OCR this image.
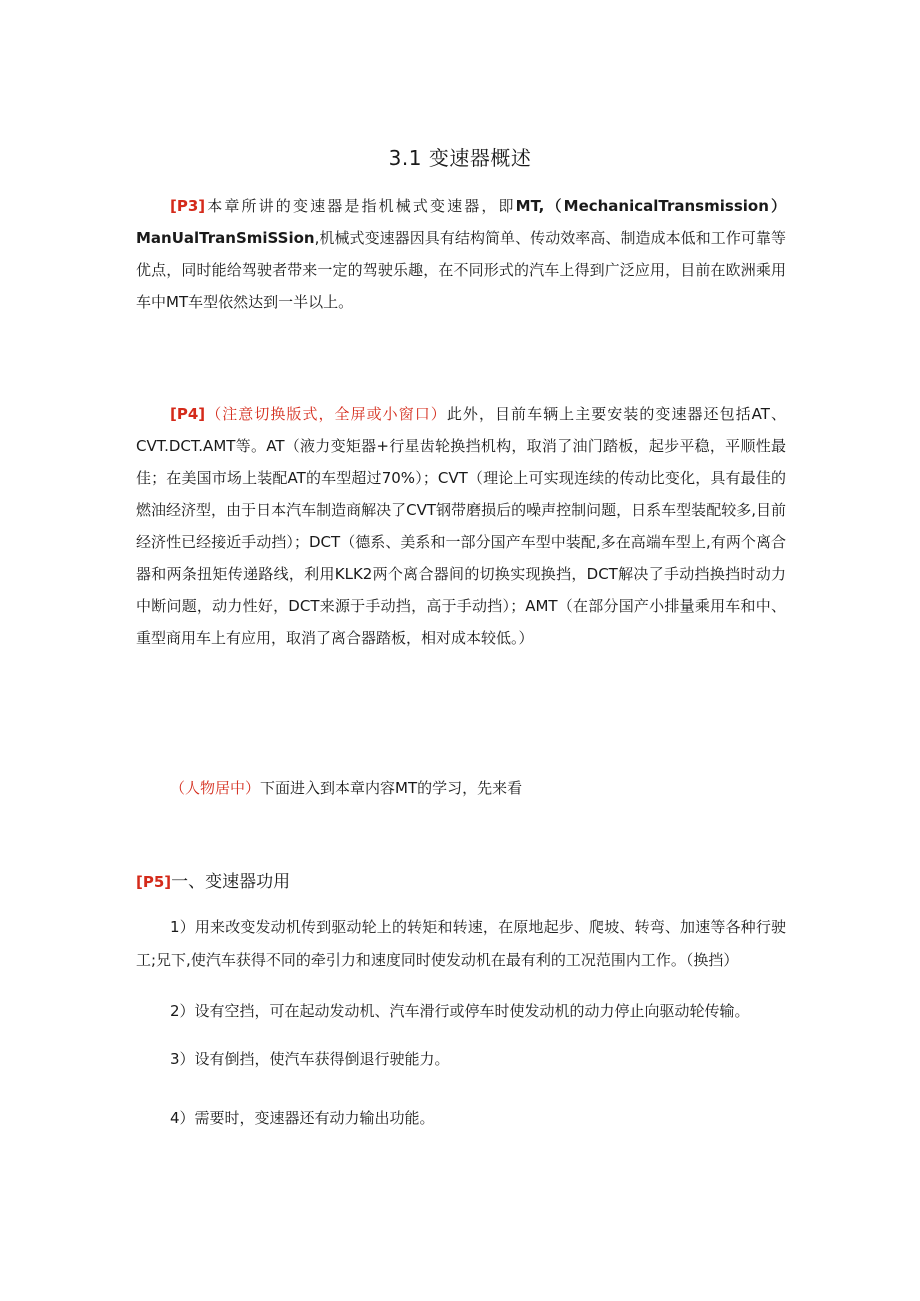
3.1 变速器概述

[P3]本章所讲的变速器是指机械式变速器，即MT,（MechanicalTransmission）ManUalTranSmiSSion,机械式变速器因具有结构简单、传动效率高、制造成本低和工作可靠等优点，同时能给驾驶者带来一定的驾驶乐趣，在不同形式的汽车上得到广泛应用，目前在欧洲乘用车中MT车型依然达到一半以上。

[P4]（注意切换版式，全屏或小窗口）此外，目前车辆上主要安装的变速器还包括AT、CVT.DCT.AMT等。AT（液力变矩器+行星齿轮换挡机构，取消了油门踏板，起步平稳，平顺性最佳；在美国市场上装配AT的车型超过70%）；CVT（理论上可实现连续的传动比变化，具有最佳的燃油经济型，由于日本汽车制造商解决了CVT钢带磨损后的噪声控制问题，日系车型装配较多,目前经济性已经接近手动挡）；DCT（德系、美系和一部分国产车型中装配,多在高端车型上,有两个离合器和两条扭矩传递路线，利用KLK2两个离合器间的切换实现换挡，DCT解决了手动挡换挡时动力中断问题，动力性好，DCT来源于手动挡，高于手动挡）；AMT（在部分国产小排量乘用车和中、重型商用车上有应用，取消了离合器踏板，相对成本较低。）

（人物居中）下面进入到本章内容MT的学习，先来看

[P5]一、变速器功用

1）用来改变发动机传到驱动轮上的转矩和转速，在原地起步、爬坡、转弯、加速等各种行驶工;兄下,使汽车获得不同的牵引力和速度同时使发动机在最有利的工况范围内工作。（换挡）

2）设有空挡，可在起动发动机、汽车滑行或停车时使发动机的动力停止向驱动轮传输。

3）设有倒挡，使汽车获得倒退行驶能力。

4）需要时，变速器还有动力输出功能。
